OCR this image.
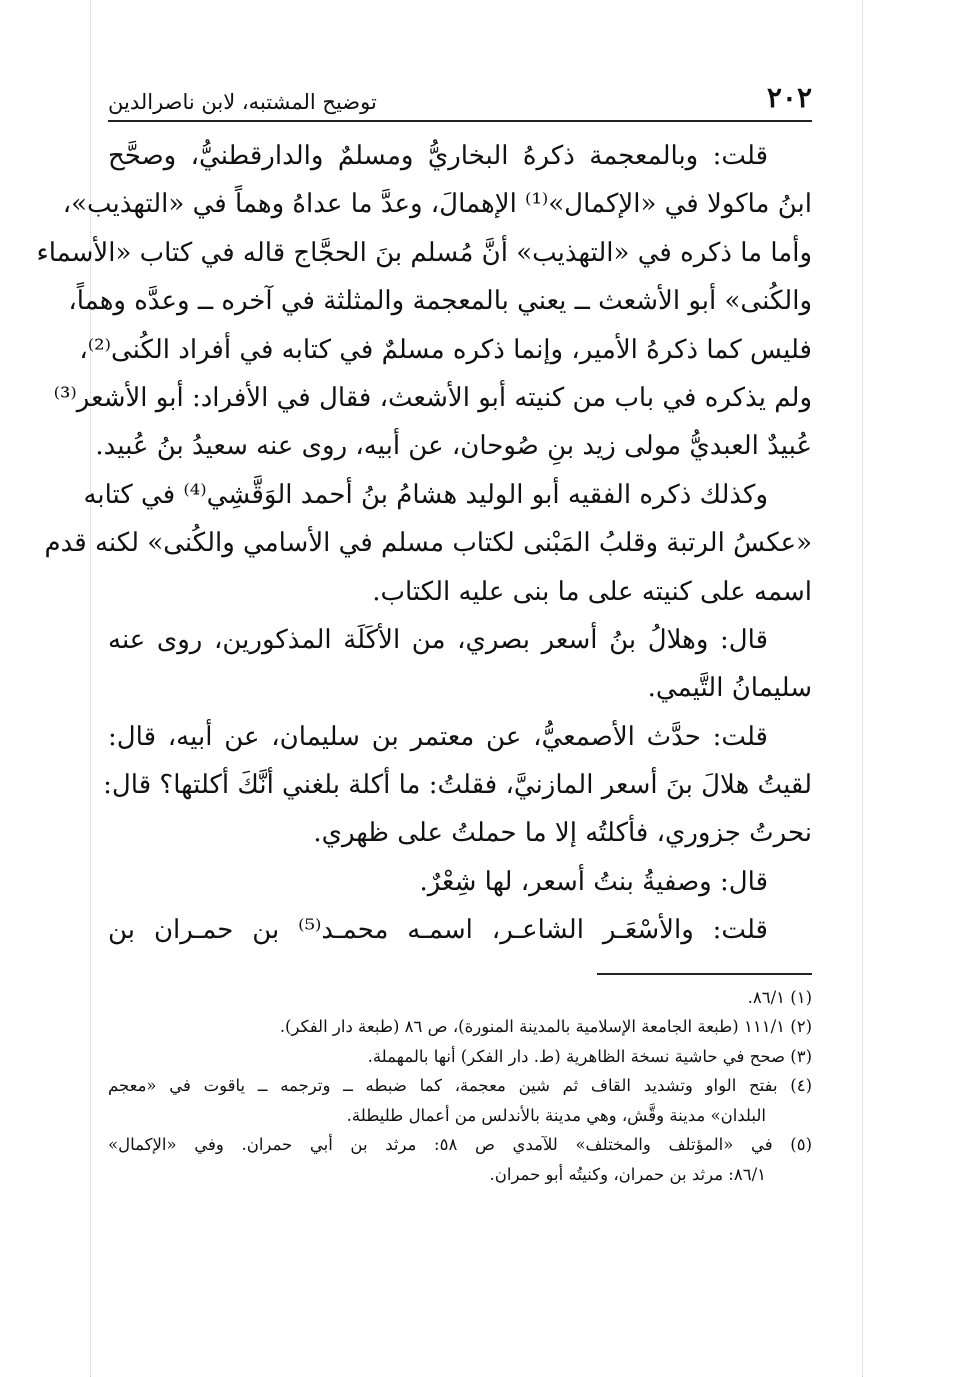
٢٠٢
توضيح المشتبه، لابن ناصرالدين
قلت: وبالمعجمة ذكرهُ البخاريُّ ومسلمٌ والدارقطنيُّ، وصحَّح
ابنُ ماكولا في «الإكمال»⁽¹⁾ الإهمالَ، وعدَّ ما عداهُ وهماً في «التهذيب»،
وأما ما ذكره في «التهذيب» أنَّ مُسلم بنَ الحجَّاج قاله في كتاب «الأسماء
والكُنى» أبو الأشعث ــ يعني بالمعجمة والمثلثة في آخره ــ وعدَّه وهماً،
فليس كما ذكرهُ الأمير، وإنما ذكره مسلمٌ في كتابه في أفراد الكُنى⁽²⁾،
ولم يذكره في باب من كنيته أبو الأشعث، فقال في الأفراد: أبو الأشعر⁽³⁾
عُبيدٌ العبديُّ مولى زيد بنِ صُوحان، عن أبيه، روى عنه سعيدُ بنُ عُبيد.
وكذلك ذكره الفقيه أبو الوليد هشامُ بنُ أحمد الوَقَّشِي⁽⁴⁾ في كتابه
«عكسُ الرتبة وقلبُ المَبْنى لكتاب مسلم في الأسامي والكُنى» لكنه قدم
اسمه على كنيته على ما بنى عليه الكتاب.
قال: وهلالُ بنُ أسعر بصري، من الأكَلَة المذكورين، روى عنه
سليمانُ التَّيمي.
قلت: حدَّث الأصمعيُّ، عن معتمر بن سليمان، عن أبيه، قال:
لقيتُ هلالَ بنَ أسعر المازنيَّ، فقلتُ: ما أكلة بلغني أنَّكَ أكلتها؟ قال:
نحرتُ جزوري، فأكلتُه إلا ما حملتُ على ظهري.
قال: وصفيةُ بنتُ أسعر، لها شِعْرٌ.
قلت: والأسْعَـر الشاعـر، اسمـه محمـد⁽⁵⁾ بن حمـران بن
(١) ٨٦/١.
(٢) ١١١/١ (طبعة الجامعة الإسلامية بالمدينة المنورة)، ص ٨٦ (طبعة دار الفكر).
(٣) صحح في حاشية نسخة الظاهرية (ط. دار الفكر) أنها بالمهملة.
(٤) بفتح الواو وتشديد القاف ثم شين معجمة، كما ضبطه ــ وترجمه ــ ياقوت في «معجم
البلدان» مدينة وقَّش، وهي مدينة بالأندلس من أعمال طليطلة.
(٥) في «المؤتلف والمختلف» للآمدي ص ٥٨: مرثد بن أبي حمران. وفي «الإكمال»
٨٦/١: مرثد بن حمران، وكنيتُه أبو حمران.
